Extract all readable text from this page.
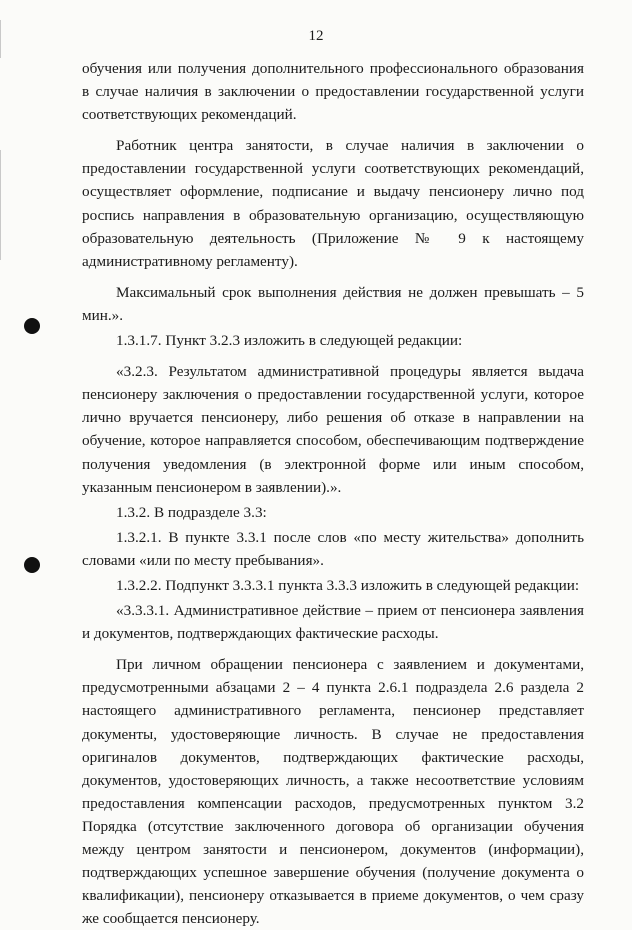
12

обучения или получения дополнительного профессионального образования в случае наличия в заключении о предоставлении государственной услуги соответствующих рекомендаций.

Работник центра занятости, в случае наличия в заключении о предоставлении государственной услуги соответствующих рекомендаций, осуществляет оформление, подписание и выдачу пенсионеру лично под роспись направления в образовательную организацию, осуществляющую образовательную деятельность (Приложение № 9 к настоящему административному регламенту).

Максимальный срок выполнения действия не должен превышать – 5 мин.».

1.3.1.7. Пункт 3.2.3 изложить в следующей редакции:

«3.2.3. Результатом административной процедуры является выдача пенсионеру заключения о предоставлении государственной услуги, которое лично вручается пенсионеру, либо решения об отказе в направлении на обучение, которое направляется способом, обеспечивающим подтверждение получения уведомления (в электронной форме или иным способом, указанным пенсионером в заявлении).».

1.3.2. В подразделе 3.3:

1.3.2.1. В пункте 3.3.1 после слов «по месту жительства» дополнить словами «или по месту пребывания».

1.3.2.2. Подпункт 3.3.3.1 пункта 3.3.3 изложить в следующей редакции:

«3.3.3.1. Административное действие – прием от пенсионера заявления и документов, подтверждающих фактические расходы.

При личном обращении пенсионера с заявлением и документами, предусмотренными абзацами 2 – 4 пункта 2.6.1 подраздела 2.6 раздела 2 настоящего административного регламента, пенсионер представляет документы, удостоверяющие личность. В случае не предоставления оригиналов документов, подтверждающих фактические расходы, документов, удостоверяющих личность, а также несоответствие условиям предоставления компенсации расходов, предусмотренных пунктом 3.2 Порядка (отсутствие заключенного договора об организации обучения между центром занятости и пенсионером, документов (информации), подтверждающих успешное завершение обучения (получение документа о квалификации), пенсионеру отказывается в приеме документов, о чем сразу же сообщается пенсионеру.
